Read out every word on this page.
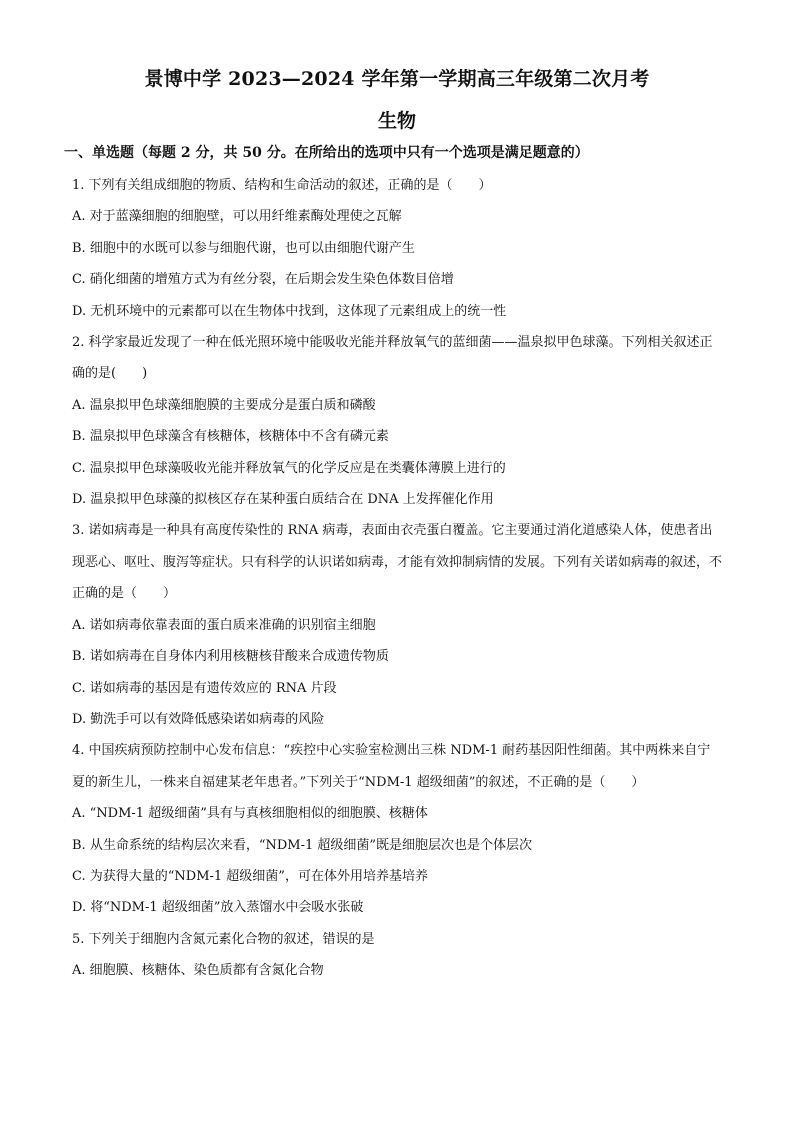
景博中学 2023—2024 学年第一学期高三年级第二次月考
生物
一、单选题（每题 2 分，共 50 分。在所给出的选项中只有一个选项是满足题意的）
1. 下列有关组成细胞的物质、结构和生命活动的叙述，正确的是（　　）
A. 对于蓝藻细胞的细胞壁，可以用纤维素酶处理使之瓦解
B. 细胞中的水既可以参与细胞代谢，也可以由细胞代谢产生
C. 硝化细菌的增殖方式为有丝分裂，在后期会发生染色体数目倍增
D. 无机环境中的元素都可以在生物体中找到，这体现了元素组成上的统一性
2. 科学家最近发现了一种在低光照环境中能吸收光能并释放氧气的蓝细菌——温泉拟甲色球藻。下列相关叙述正确的是(　　)
A. 温泉拟甲色球藻细胞膜的主要成分是蛋白质和磷酸
B. 温泉拟甲色球藻含有核糖体，核糖体中不含有磷元素
C. 温泉拟甲色球藻吸收光能并释放氧气的化学反应是在类囊体薄膜上进行的
D. 温泉拟甲色球藻的拟核区存在某种蛋白质结合在 DNA 上发挥催化作用
3. 诺如病毒是一种具有高度传染性的 RNA 病毒，表面由衣壳蛋白覆盖。它主要通过消化道感染人体，使患者出现恶心、呕吐、腹泻等症状。只有科学的认识诺如病毒，才能有效抑制病情的发展。下列有关诺如病毒的叙述，不正确的是（　　）
A. 诺如病毒依靠表面的蛋白质来准确的识别宿主细胞
B. 诺如病毒在自身体内利用核糖核苷酸来合成遗传物质
C. 诺如病毒的基因是有遗传效应的 RNA 片段
D. 勤洗手可以有效降低感染诺如病毒的风险
4. 中国疾病预防控制中心发布信息：“疾控中心实验室检测出三株 NDM-1 耐药基因阳性细菌。其中两株来自宁夏的新生儿，一株来自福建某老年患者。”下列关于“NDM-1 超级细菌”的叙述，不正确的是（　　）
A. “NDM-1 超级细菌”具有与真核细胞相似的细胞膜、核糖体
B. 从生命系统的结构层次来看，“NDM-1 超级细菌”既是细胞层次也是个体层次
C. 为获得大量的“NDM-1 超级细菌”，可在体外用培养基培养
D. 将“NDM-1 超级细菌”放入蒸馏水中会吸水张破
5. 下列关于细胞内含氮元素化合物的叙述，错误的是
A. 细胞膜、核糖体、染色质都有含氮化合物
